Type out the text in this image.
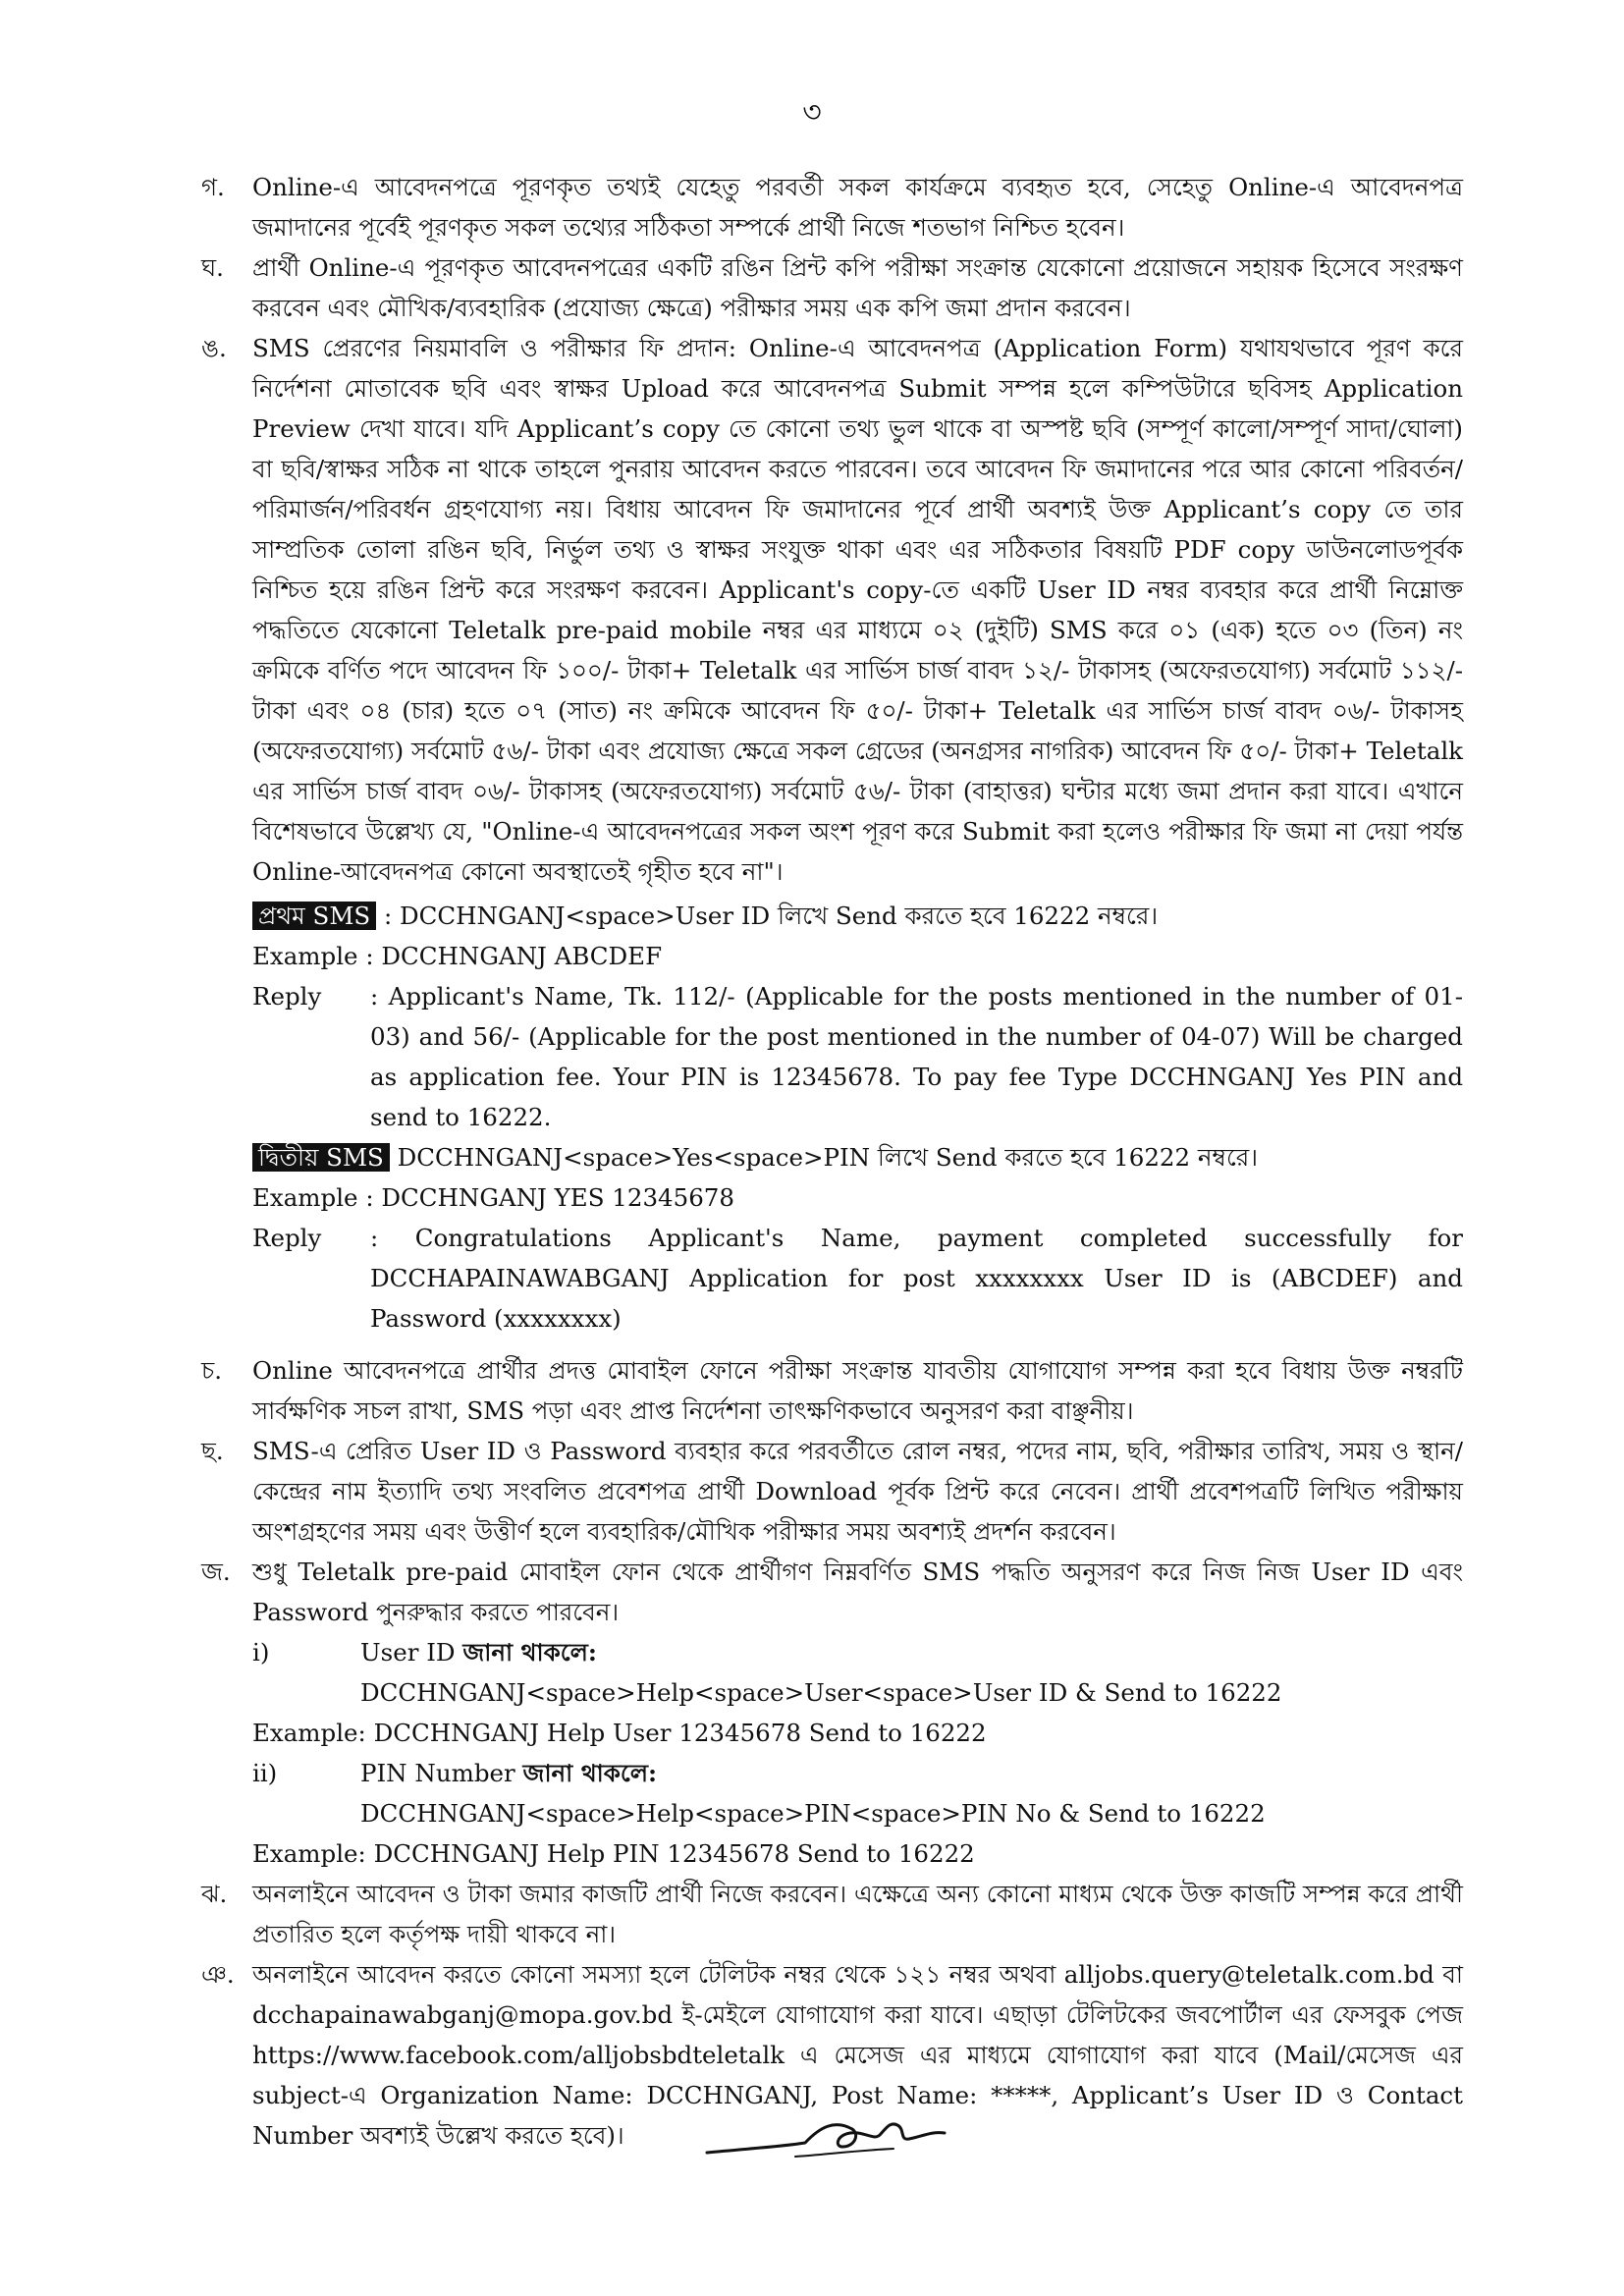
৩

গ. Online-এ আবেদনপত্রে পূরণকৃত তথ্যই যেহেতু পরবর্তী সকল কার্যক্রমে ব্যবহৃত হবে, সেহেতু Online-এ আবেদনপত্র জমাদানের পূর্বেই পূরণকৃত সকল তথ্যের সঠিকতা সম্পর্কে প্রার্থী নিজে শতভাগ নিশ্চিত হবেন।

ঘ. প্রার্থী Online-এ পূরণকৃত আবেদনপত্রের একটি রঙিন প্রিন্ট কপি পরীক্ষা সংক্রান্ত যেকোনো প্রয়োজনে সহায়ক হিসেবে সংরক্ষণ করবেন এবং মৌখিক/ব্যবহারিক (প্রযোজ্য ক্ষেত্রে) পরীক্ষার সময় এক কপি জমা প্রদান করবেন।

ঙ. SMS প্রেরণের নিয়মাবলি ও পরীক্ষার ফি প্রদান: Online-এ আবেদনপত্র (Application Form) যথাযথভাবে পূরণ করে নির্দেশনা মোতাবেক ছবি এবং স্বাক্ষর Upload করে আবেদনপত্র Submit সম্পন্ন হলে কম্পিউটারে ছবিসহ Application Preview দেখা যাবে। যদি Applicant’s copy তে কোনো তথ্য ভুল থাকে বা অস্পষ্ট ছবি (সম্পূর্ণ কালো/সম্পূর্ণ সাদা/ঘোলা) বা ছবি/স্বাক্ষর সঠিক না থাকে তাহলে পুনরায় আবেদন করতে পারবেন। তবে আবেদন ফি জমাদানের পরে আর কোনো পরিবর্তন/পরিমার্জন/পরিবর্ধন গ্রহণযোগ্য নয়। বিধায় আবেদন ফি জমাদানের পূর্বে প্রার্থী অবশ্যই উক্ত Applicant’s copy তে তার সাম্প্রতিক তোলা রঙিন ছবি, নির্ভুল তথ্য ও স্বাক্ষর সংযুক্ত থাকা এবং এর সঠিকতার বিষয়টি PDF copy ডাউনলোডপূর্বক নিশ্চিত হয়ে রঙিন প্রিন্ট করে সংরক্ষণ করবেন। Applicant's copy-তে একটি User ID নম্বর ব্যবহার করে প্রার্থী নিম্নোক্ত পদ্ধতিতে যেকোনো Teletalk pre-paid mobile নম্বর এর মাধ্যমে ০২ (দুইটি) SMS করে ০১ (এক) হতে ০৩ (তিন) নং ক্রমিকে বর্ণিত পদে আবেদন ফি ১০০/- টাকা+ Teletalk এর সার্ভিস চার্জ বাবদ ১২/- টাকাসহ (অফেরতযোগ্য) সর্বমোট ১১২/- টাকা এবং ০৪ (চার) হতে ০৭ (সাত) নং ক্রমিকে আবেদন ফি ৫০/- টাকা+ Teletalk এর সার্ভিস চার্জ বাবদ ০৬/- টাকাসহ (অফেরতযোগ্য) সর্বমোট ৫৬/- টাকা এবং প্রযোজ্য ক্ষেত্রে সকল গ্রেডের (অনগ্রসর নাগরিক) আবেদন ফি ৫০/- টাকা+ Teletalk এর সার্ভিস চার্জ বাবদ ০৬/- টাকাসহ (অফেরতযোগ্য) সর্বমোট ৫৬/- টাকা (বাহাত্তর) ঘন্টার মধ্যে জমা প্রদান করা যাবে। এখানে বিশেষভাবে উল্লেখ্য যে, "Online-এ আবেদনপত্রের সকল অংশ পূরণ করে Submit করা হলেও পরীক্ষার ফি জমা না দেয়া পর্যন্ত Online-আবেদনপত্র কোনো অবস্থাতেই গৃহীত হবে না"।

প্রথম SMS : DCCHNGANJ<space>User ID লিখে Send করতে হবে 16222 নম্বরে।

Example : DCCHNGANJ ABCDEF

Reply	: Applicant's Name, Tk. 112/- (Applicable for the posts mentioned in the number of 01-03) and 56/- (Applicable for the post mentioned in the number of 04-07) Will be charged as application fee. Your PIN is 12345678. To pay fee Type DCCHNGANJ Yes PIN and send to 16222.

দ্বিতীয় SMS DCCHNGANJ<space>Yes<space>PIN লিখে Send করতে হবে 16222 নম্বরে।

Example : DCCHNGANJ YES 12345678

Reply	: Congratulations Applicant's Name, payment completed successfully for DCCHAPAINAWABGANJ Application for post xxxxxxxx User ID is (ABCDEF) and Password (xxxxxxxx)

চ. Online আবেদনপত্রে প্রার্থীর প্রদত্ত মোবাইল ফোনে পরীক্ষা সংক্রান্ত যাবতীয় যোগাযোগ সম্পন্ন করা হবে বিধায় উক্ত নম্বরটি সার্বক্ষণিক সচল রাখা, SMS পড়া এবং প্রাপ্ত নির্দেশনা তাৎক্ষণিকভাবে অনুসরণ করা বাঞ্ছনীয়।

ছ. SMS-এ প্রেরিত User ID ও Password ব্যবহার করে পরবর্তীতে রোল নম্বর, পদের নাম, ছবি, পরীক্ষার তারিখ, সময় ও স্থান/কেন্দ্রের নাম ইত্যাদি তথ্য সংবলিত প্রবেশপত্র প্রার্থী Download পূর্বক প্রিন্ট করে নেবেন। প্রার্থী প্রবেশপত্রটি লিখিত পরীক্ষায় অংশগ্রহণের সময় এবং উত্তীর্ণ হলে ব্যবহারিক/মৌখিক পরীক্ষার সময় অবশ্যই প্রদর্শন করবেন।

জ. শুধু Teletalk pre-paid মোবাইল ফোন থেকে প্রার্থীগণ নিম্নবর্ণিত SMS পদ্ধতি অনুসরণ করে নিজ নিজ User ID এবং Password পুনরুদ্ধার করতে পারবেন।

i)	User ID জানা থাকলে:
DCCHNGANJ<space>Help<space>User<space>User ID & Send to 16222
Example: DCCHNGANJ Help User 12345678 Send to 16222
ii)	PIN Number জানা থাকলে:
DCCHNGANJ<space>Help<space>PIN<space>PIN No & Send to 16222
Example: DCCHNGANJ Help PIN 12345678 Send to 16222

ঝ. অনলাইনে আবেদন ও টাকা জমার কাজটি প্রার্থী নিজে করবেন। এক্ষেত্রে অন্য কোনো মাধ্যম থেকে উক্ত কাজটি সম্পন্ন করে প্রার্থী প্রতারিত হলে কর্তৃপক্ষ দায়ী থাকবে না।

ঞ. অনলাইনে আবেদন করতে কোনো সমস্যা হলে টেলিটক নম্বর থেকে ১২১ নম্বর অথবা alljobs.query@teletalk.com.bd বা dcchapainawabganj@mopa.gov.bd ই-মেইলে যোগাযোগ করা যাবে। এছাড়া টেলিটকের জবপোর্টাল এর ফেসবুক পেজ https://www.facebook.com/alljobsbdteletalk এ মেসেজ এর মাধ্যমে যোগাযোগ করা যাবে (Mail/মেসেজ এর subject-এ Organization Name: DCCHNGANJ, Post Name: *****, Applicant’s User ID ও Contact Number অবশ্যই উল্লেখ করতে হবে)।
